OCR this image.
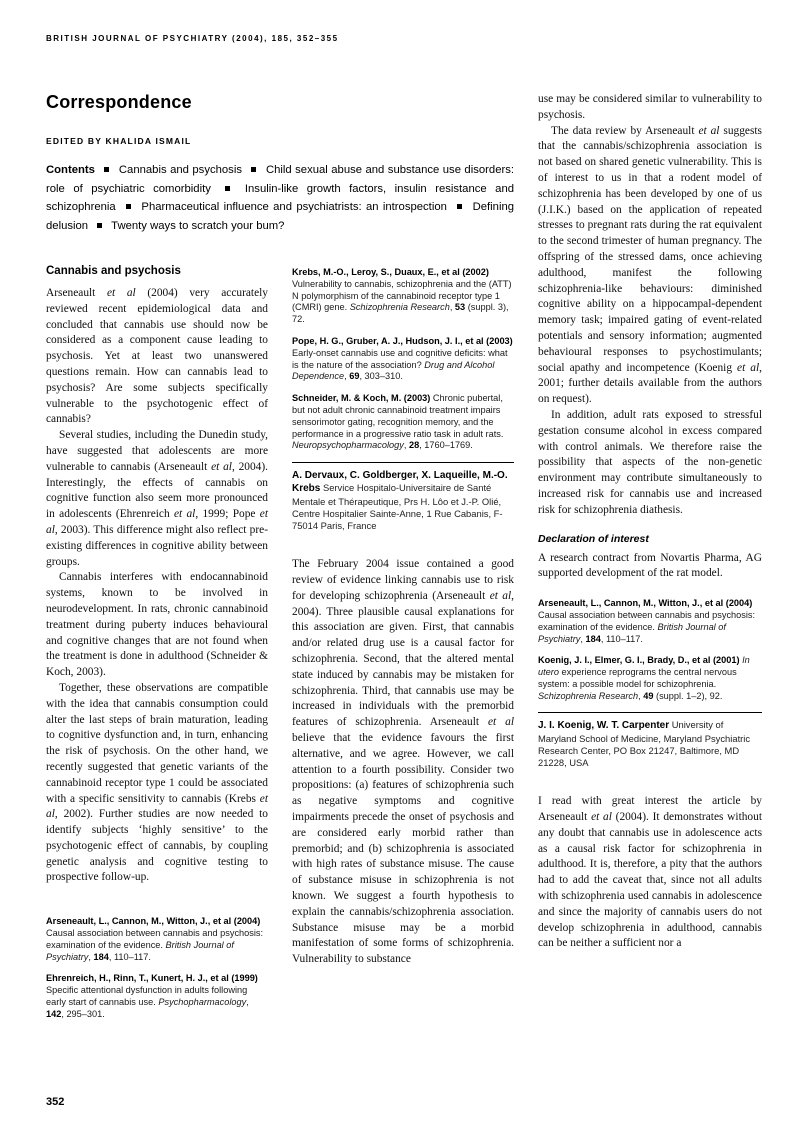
BRITISH JOURNAL OF PSYCHIATRY (2004), 185, 352–355
Correspondence
EDITED BY KHALIDA ISMAIL
Contents Cannabis and psychosis Child sexual abuse and substance use disorders: role of psychiatric comorbidity	Insulin-like growth factors, insulin resistance and schizophrenia Pharmaceutical influence and psychiatrists: an introspection Defining delusion Twenty ways to scratch your bum?
Cannabis and psychosis

Arseneault et al (2004) very accurately reviewed recent epidemiological data and concluded that cannabis use should now be considered as a component cause leading to psychosis. Yet at least two unanswered questions remain. How can cannabis lead to psychosis? Are some subjects specifically vulnerable to the psychotogenic effect of cannabis?

Several studies, including the Dunedin study, have suggested that adolescents are more vulnerable to cannabis (Arseneault et al, 2004). Interestingly, the effects of cannabis on cognitive function also seem more pronounced in adolescents (Ehrenreich et al, 1999; Pope et al, 2003). This difference might also reflect pre-existing differences in cognitive ability between groups.

Cannabis interferes with endocannabinoid systems, known to be involved in neurodevelopment. In rats, chronic cannabinoid treatment during puberty induces behavioural and cognitive changes that are not found when the treatment is done in adulthood (Schneider & Koch, 2003).

Together, these observations are compatible with the idea that cannabis consumption could alter the last steps of brain maturation, leading to cognitive dysfunction and, in turn, enhancing the risk of psychosis. On the other hand, we recently suggested that genetic variants of the cannabinoid receptor type 1 could be associated with a specific sensitivity to cannabis (Krebs et al, 2002). Further studies are now needed to identify subjects ‘highly sensitive’ to the psychotogenic effect of cannabis, by coupling genetic analysis and cognitive testing to prospective follow-up.

Arseneault, L., Cannon, M., Witton, J., et al (2004) Causal association between cannabis and psychosis: examination of the evidence. British Journal of Psychiatry, 184, 110–117.

Ehrenreich, H., Rinn, T., Kunert, H. J., et al (1999) Specific attentional dysfunction in adults following early start of cannabis use. Psychopharmacology, 142, 295–301.

Krebs, M.-O., Leroy, S., Duaux, E., et al (2002) Vulnerability to cannabis, schizophrenia and the (ATT) N polymorphism of the cannabinoid receptor type 1 (CMRI) gene. Schizophrenia Research, 53 (suppl. 3), 72.

Pope, H. G., Gruber, A. J., Hudson, J. I., et al (2003) Early-onset cannabis use and cognitive deficits: what is the nature of the association? Drug and Alcohol Dependence, 69, 303–310.

Schneider, M. & Koch, M. (2003) Chronic pubertal, but not adult chronic cannabinoid treatment impairs sensorimotor gating, recognition memory, and the performance in a progressive ratio task in adult rats. Neuropsychopharmacology, 28, 1760–1769.

A. Dervaux, C. Goldberger, X. Laqueille, M.-O. Krebs Service Hospitalo-Universitaire de Santé Mentale et Thérapeutique, Prs H. Lôo et J.-P. Olié, Centre Hospitalier Sainte-Anne, 1 Rue Cabanis, F-75014 Paris, France

The February 2004 issue contained a good review of evidence linking cannabis use to risk for developing schizophrenia (Arseneault et al, 2004). Three plausible causal explanations for this association are given. First, that cannabis and/or related drug use is a causal factor for schizophrenia. Second, that the altered mental state induced by cannabis may be mistaken for schizophrenia. Third, that cannabis use may be increased in individuals with the premorbid features of schizophrenia. Arseneault et al believe that the evidence favours the first alternative, and we agree. However, we call attention to a fourth possibility. Consider two propositions: (a) features of schizophrenia such as negative symptoms and cognitive impairments precede the onset of psychosis and are considered early morbid rather than premorbid; and (b) schizophrenia is associated with high rates of substance misuse. The cause of substance misuse in schizophrenia is not known. We suggest a fourth hypothesis to explain the cannabis/schizophrenia association. Substance misuse may be a morbid manifestation of some forms of schizophrenia. Vulnerability to substance

use may be considered similar to vulnerability to psychosis.

The data review by Arseneault et al suggests that the cannabis/schizophrenia association is not based on shared genetic vulnerability. This is of interest to us in that a rodent model of schizophrenia has been developed by one of us (J.I.K.) based on the application of repeated stresses to pregnant rats during the rat equivalent to the second trimester of human pregnancy. The offspring of the stressed dams, once achieving adulthood, manifest the following schizophrenia-like behaviours: diminished cognitive ability on a hippocampal-dependent memory task; impaired gating of event-related potentials and sensory information; augmented behavioural responses to psychostimulants; social apathy and incompetence (Koenig et al, 2001; further details available from the authors on request).

In addition, adult rats exposed to stressful gestation consume alcohol in excess compared with control animals. We therefore raise the possibility that aspects of the non-genetic environment may contribute simultaneously to increased risk for cannabis use and increased risk for schizophrenia diathesis.

Declaration of interest

A research contract from Novartis Pharma, AG supported development of the rat model.

Arseneault, L., Cannon, M., Witton, J., et al (2004) Causal association between cannabis and psychosis: examination of the evidence. British Journal of Psychiatry, 184, 110–117.

Koenig, J. I., Elmer, G. I., Brady, D., et al (2001) In utero experience reprograms the central nervous system: a possible model for schizophrenia. Schizophrenia Research, 49 (suppl. 1–2), 92.

J. I. Koenig, W. T. Carpenter University of Maryland School of Medicine, Maryland Psychiatric Research Center, PO Box 21247, Baltimore, MD 21228, USA

I read with great interest the article by Arseneault et al (2004). It demonstrates without any doubt that cannabis use in adolescence acts as a causal risk factor for schizophrenia in adulthood. It is, therefore, a pity that the authors had to add the caveat that, since not all adults with schizophrenia used cannabis in adolescence and since the majority of cannabis users do not develop schizophrenia in adulthood, cannabis can be neither a sufficient nor a

352
